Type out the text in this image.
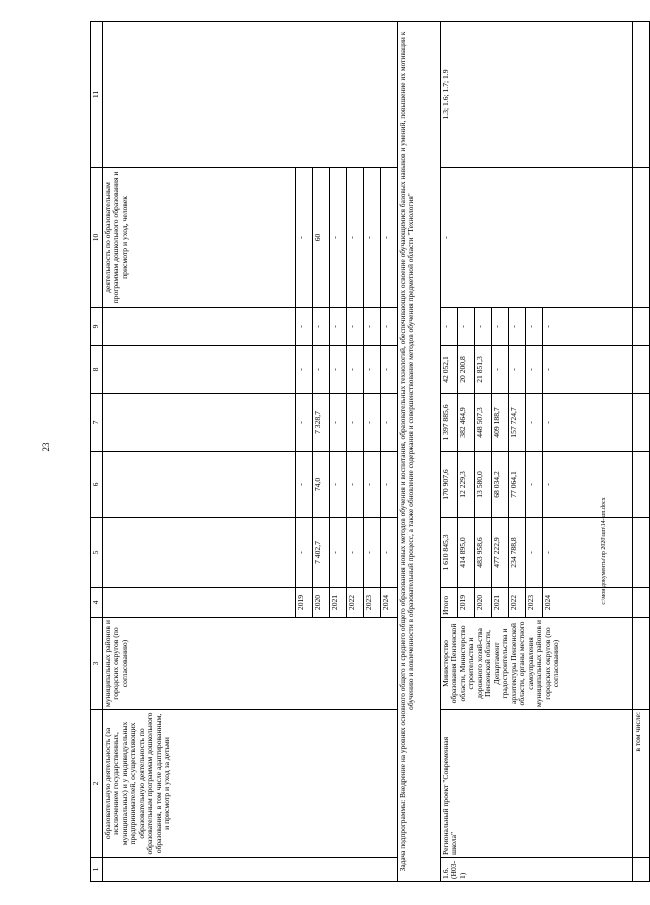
23
c:\мои документы\пр 2020\шп\14-шп.docx
1	2	3	4	5	6	7	8	9	10	11
	образовательную деятельность (за исключением государственных, муниципальных) и у индивидуальных предпринимателей, осуществляющих образовательную деятельность по образовательным программам дошкольного образования, в том числе адаптированным, и присмотр и уход за детьми	муниципальных районов и городских округов (по согласованию)							деятельность по образовательным программам дошкольного образования и присмотр и уход, человек	
			2019	-	-	-	-	-	-	
			2020	7 402,7	74,0	7 328,7	-	-	60	
			2021	-	-	-	-	-	-	
			2022	-	-	-	-	-	-	
			2023	-	-	-	-	-	-	
			2024	-	-	-	-	-	-	
Задача подпрограммы: Внедрение на уровнях основного общего и среднего общего образования новых методов обучения и воспитания, образовательных технологий, обеспечивающих освоение обучающимися базовых навыков и умений, повышение их мотивации к обучению и вовлеченности в образовательный процесс, а также обновление содержания и совершенствование методов обучения предметной области "Технология"										
1.6. (Н03-1)	Региональный проект "Современная школа"	Министерство образования Пензенской области, Министерство строительства и дорожного хозяй-ства Пензенской области, Департамент градостроительства и архитектуры Пензенской области, органы местного самоуправления муниципальных районов и городских округов (по согласованию)	Итого	1 610 845,3	170 907,6	1 397 885,6	42 052,1	-	-	1.3; 1.6; 1.7; 1.9
			2019	414 895,0	12 229,3	382 464,9	20 200,8	-		
			2020	483 958,6	13 580,0	448 507,3	21 851,3	-		
			2021	477 222,9	68 034,2	409 188,7	-	-		
			2022	234 788,8	77 064,1	157 724,7	-	-		
			2023	-	-	-	-	-		
			2024	-	-	-	-	-		
	в том числе:									
